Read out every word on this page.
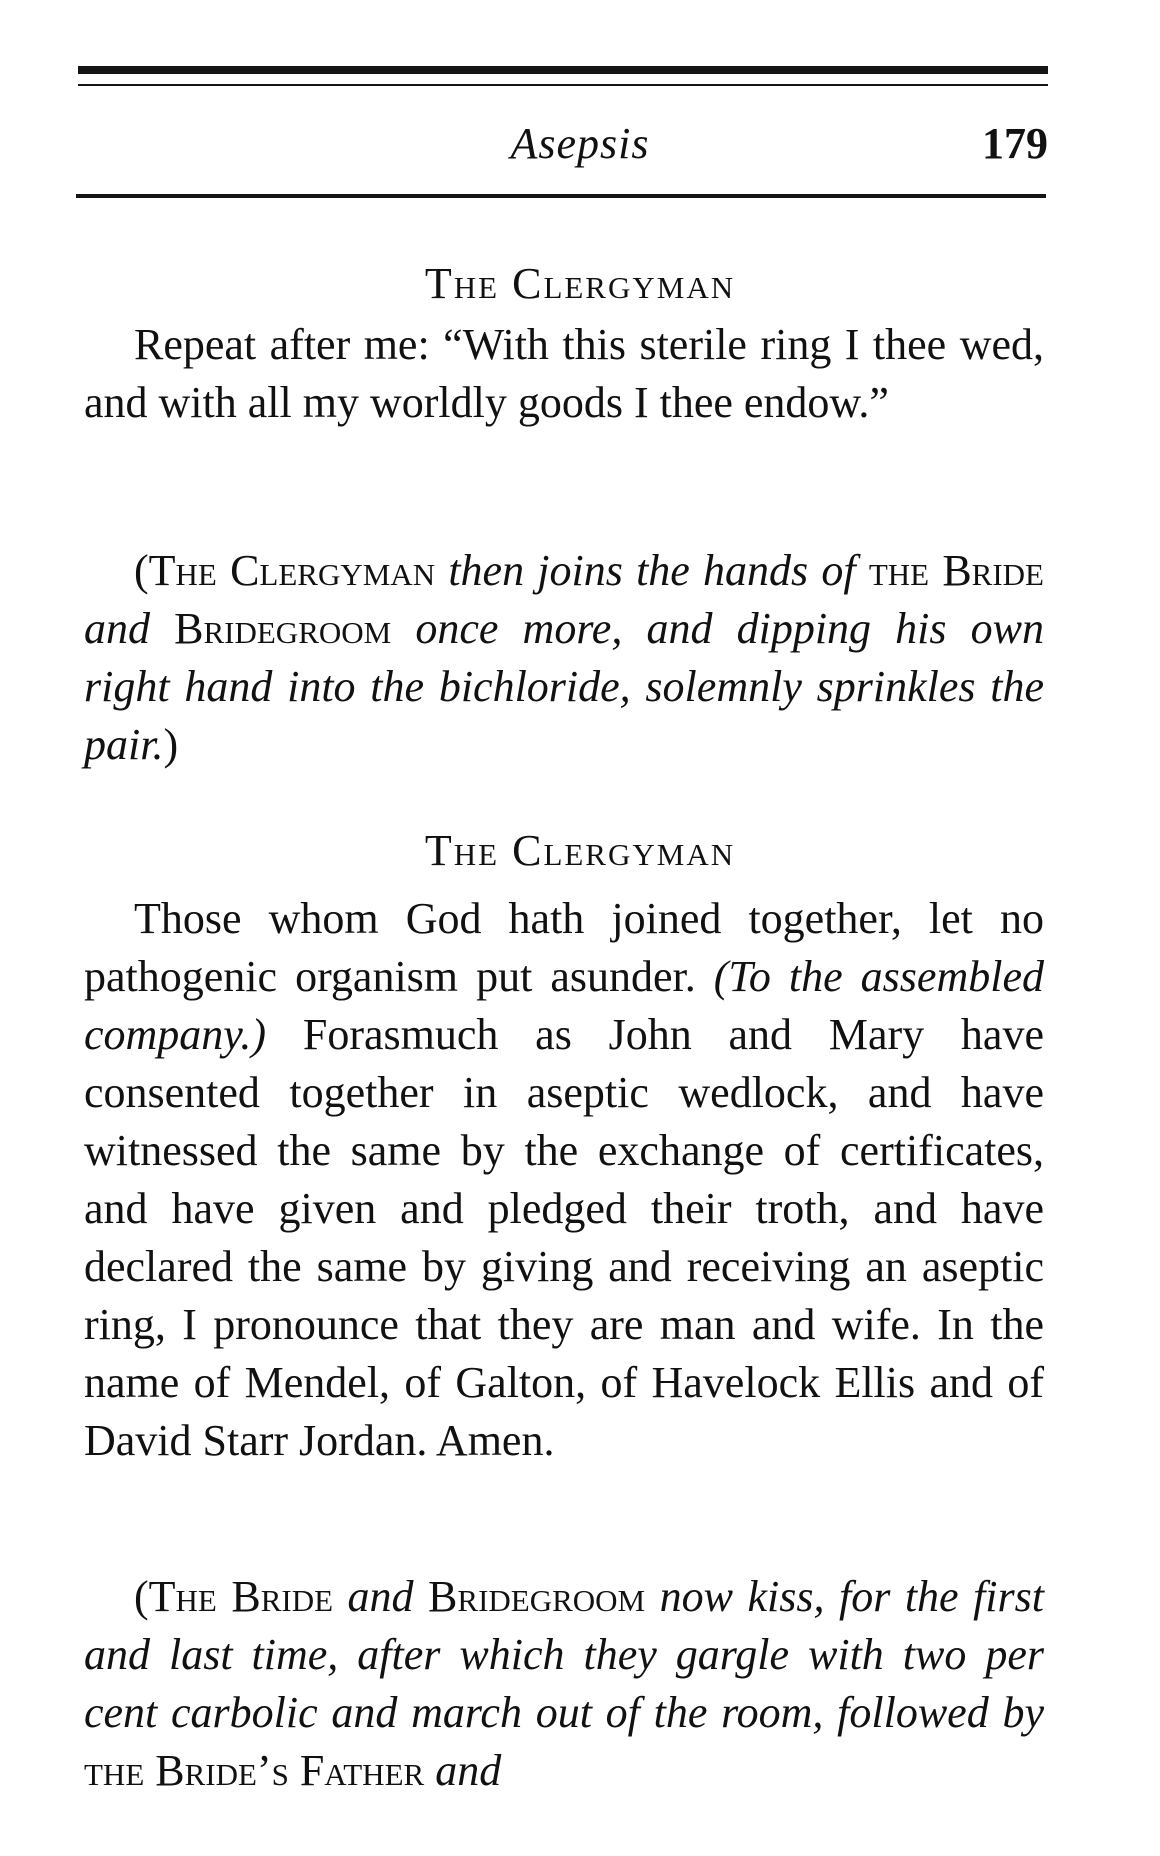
Asepsis	179
The Clergyman

Repeat after me: “With this sterile ring I thee wed, and with all my worldly goods I thee endow.”

(The Clergyman then joins the hands of the Bride and Bridegroom once more, and dipping his own right hand into the bichloride, solemnly sprinkles the pair.)

The Clergyman

Those whom God hath joined together, let no pathogenic organism put asunder. (To the assembled company.) Forasmuch as John and Mary have consented together in aseptic wedlock, and have witnessed the same by the exchange of certificates, and have given and pledged their troth, and have declared the same by giving and receiving an aseptic ring, I pronounce that they are man and wife. In the name of Mendel, of Galton, of Havelock Ellis and of David Starr Jordan. Amen.

(The Bride and Bridegroom now kiss, for the first and last time, after which they gargle with two per cent carbolic and march out of the room, followed by the Bride’s Father and
